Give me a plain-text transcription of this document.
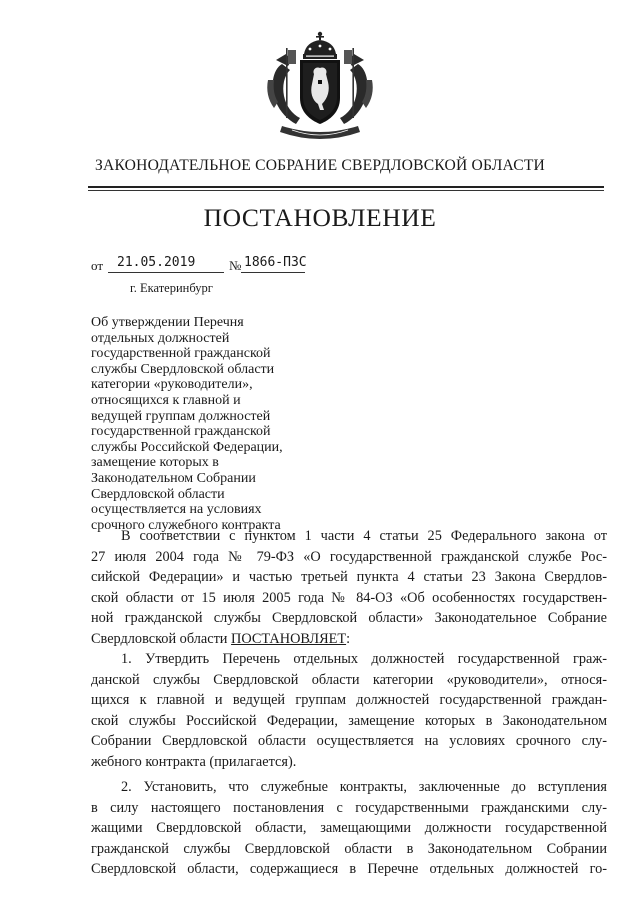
ЗАКОНОДАТЕЛЬНОЕ СОБРАНИЕ СВЕРДЛОВСКОЙ ОБЛАСТИ
ПОСТАНОВЛЕНИЕ
от 21.05.2019	№ 1866-ПЗС
г. Екатеринбург
Об утверждении Перечня
отдельных должностей
государственной гражданской
службы Свердловской области
категории «руководители»,
относящихся к главной и
ведущей группам должностей
государственной гражданской
службы Российской Федерации,
замещение которых в
Законодательном Собрании
Свердловской области
осуществляется на условиях
срочного служебного контракта
В соответствии с пунктом 1 части 4 статьи 25 Федерального закона от
27 июля 2004 года № 79-ФЗ «О государственной гражданской службе Рос-
сийской Федерации» и частью третьей пункта 4 статьи 23 Закона Свердлов-
ской области от 15 июля 2005 года № 84-ОЗ «Об особенностях государствен-
ной гражданской службы Свердловской области» Законодательное Собрание
Свердловской области ПОСТАНОВЛЯЕТ:
1. Утвердить Перечень отдельных должностей государственной граж-
данской службы Свердловской области категории «руководители», относя-
щихся к главной и ведущей группам должностей государственной граждан-
ской службы Российской Федерации, замещение которых в Законодательном
Собрании Свердловской области осуществляется на условиях срочного слу-
жебного контракта (прилагается).
2. Установить, что служебные контракты, заключенные до вступления
в силу настоящего постановления с государственными гражданскими слу-
жащими Свердловской области, замещающими должности государственной
гражданской службы Свердловской области в Законодательном Собрании
Свердловской области, содержащиеся в Перечне отдельных должностей го-
